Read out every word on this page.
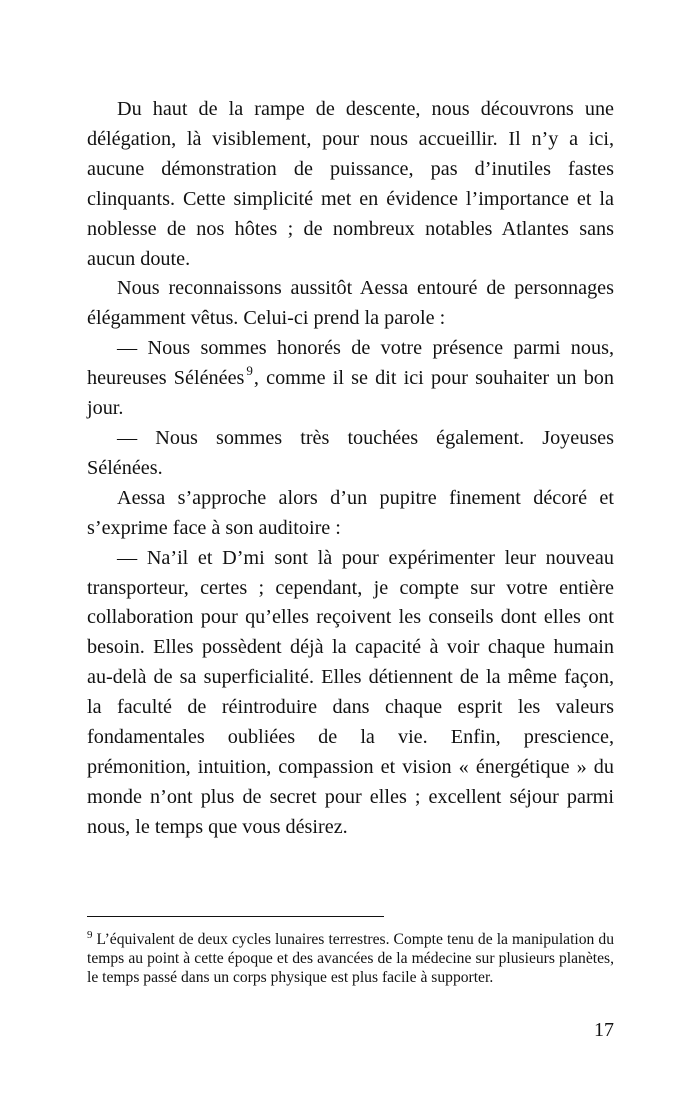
Du haut de la rampe de descente, nous découvrons une délégation, là visiblement, pour nous accueillir. Il n’y a ici, aucune démonstration de puissance, pas d’inutiles fastes clinquants. Cette simplicité met en évidence l’importance et la noblesse de nos hôtes ; de nombreux notables Atlantes sans aucun doute.

Nous reconnaissons aussitôt Aessa entouré de personnages élégamment vêtus. Celui-ci prend la parole :

— Nous sommes honorés de votre présence parmi nous, heureuses Sélénées $^9$, comme il se dit ici pour souhaiter un bon jour.

— Nous sommes très touchées également. Joyeuses Sélénées.

Aessa s’approche alors d’un pupitre finement décoré et s’exprime face à son auditoire :

— Na’il et D’mi sont là pour expérimenter leur nouveau transporteur, certes ; cependant, je compte sur votre entière collaboration pour qu’elles reçoivent les conseils dont elles ont besoin. Elles possèdent déjà la capacité à voir chaque humain au-delà de sa superficialité. Elles détiennent de la même façon, la faculté de réintroduire dans chaque esprit les valeurs fondamentales oubliées de la vie. Enfin, prescience, prémonition, intuition, compassion et vision « énergétique » du monde n’ont plus de secret pour elles ; excellent séjour parmi nous, le temps que vous désirez.

$^9$ L’équivalent de deux cycles lunaires terrestres. Compte tenu de la manipulation du temps au point à cette époque et des avancées de la médecine sur plusieurs planètes, le temps passé dans un corps physique est plus facile à supporter.

17
